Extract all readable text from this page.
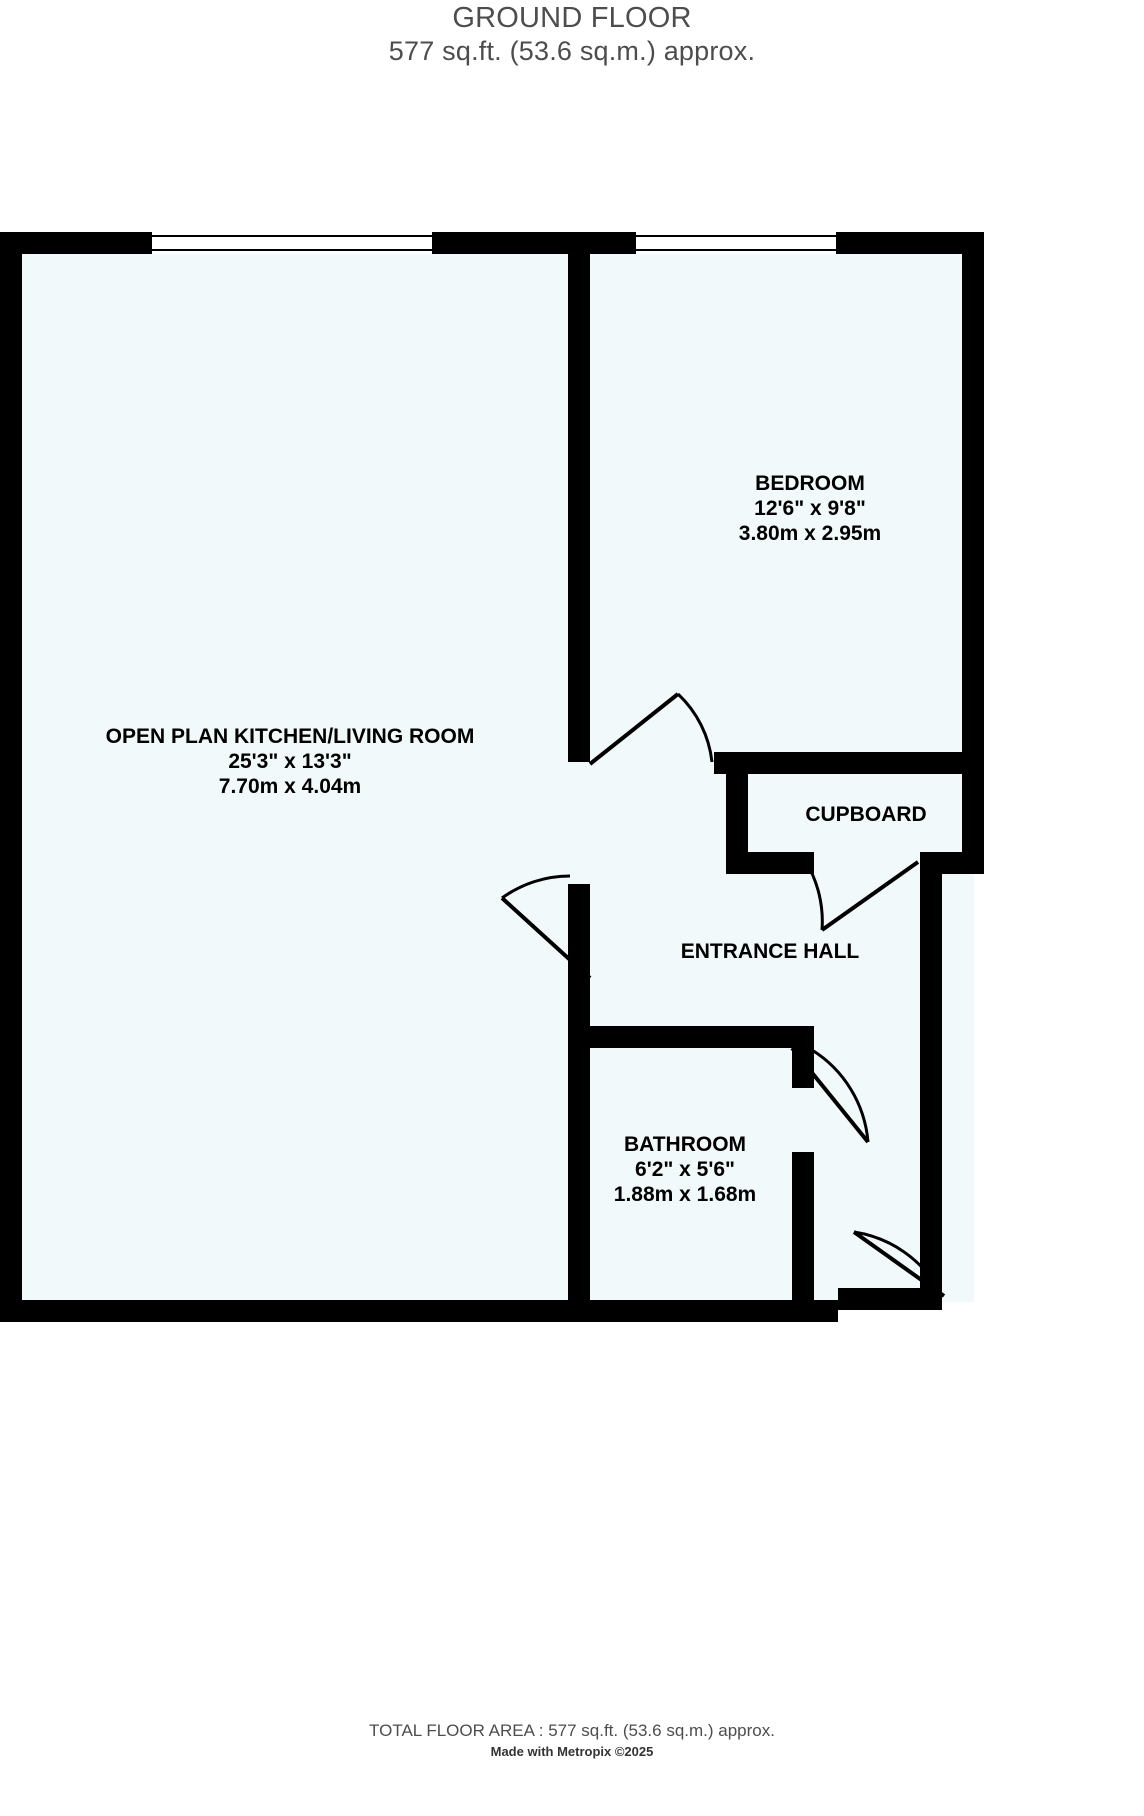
GROUND FLOOR
577 sq.ft. (53.6 sq.m.) approx.
OPEN PLAN KITCHEN/LIVING ROOM
25'3" x 13'3"
7.70m x 4.04m
BEDROOM
12'6" x 9'8"
3.80m x 2.95m
CUPBOARD
ENTRANCE HALL
BATHROOM
6'2" x 5'6"
1.88m x 1.68m
TOTAL FLOOR AREA : 577 sq.ft. (53.6 sq.m.) approx.
Made with Metropix ©2025
